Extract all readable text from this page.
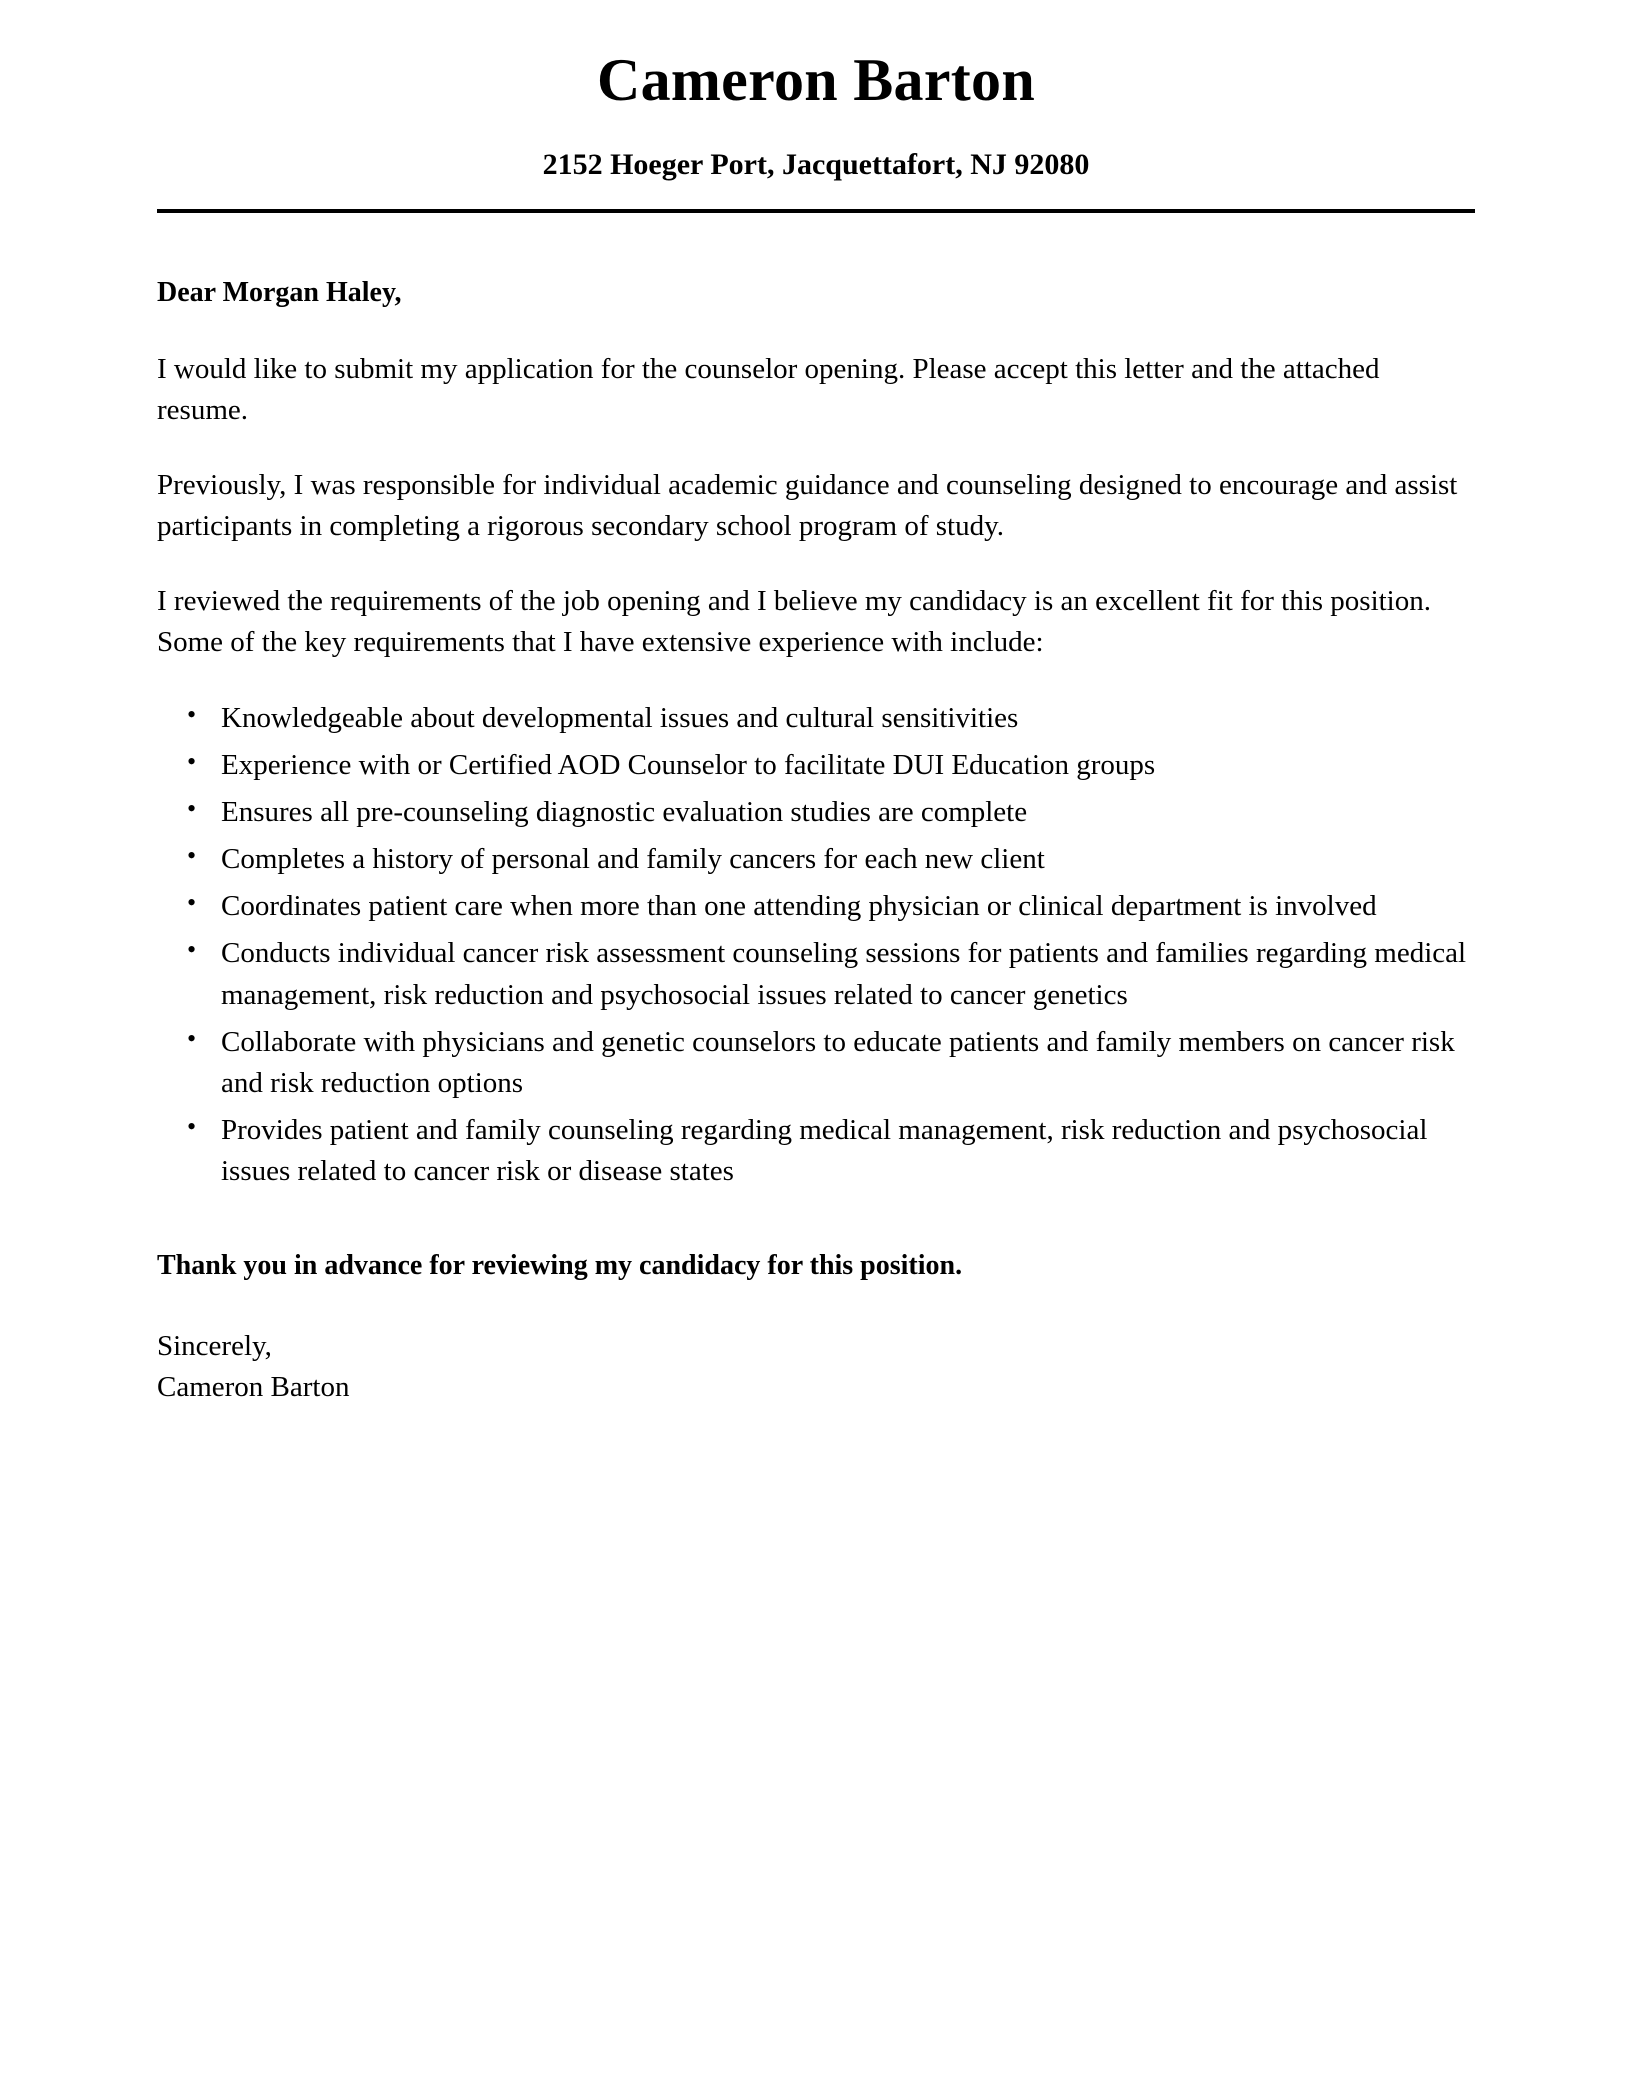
Cameron Barton

2152 Hoeger Port, Jacquettafort, NJ 92080

Dear Morgan Haley,

I would like to submit my application for the counselor opening. Please accept this letter and the attached resume.

Previously, I was responsible for individual academic guidance and counseling designed to encourage and assist participants in completing a rigorous secondary school program of study.

I reviewed the requirements of the job opening and I believe my candidacy is an excellent fit for this position. Some of the key requirements that I have extensive experience with include:

• Knowledgeable about developmental issues and cultural sensitivities
• Experience with or Certified AOD Counselor to facilitate DUI Education groups
• Ensures all pre-counseling diagnostic evaluation studies are complete
• Completes a history of personal and family cancers for each new client
• Coordinates patient care when more than one attending physician or clinical department is involved
• Conducts individual cancer risk assessment counseling sessions for patients and families regarding medical management, risk reduction and psychosocial issues related to cancer genetics
• Collaborate with physicians and genetic counselors to educate patients and family members on cancer risk and risk reduction options
• Provides patient and family counseling regarding medical management, risk reduction and psychosocial issues related to cancer risk or disease states

Thank you in advance for reviewing my candidacy for this position.

Sincerely,

Cameron Barton
